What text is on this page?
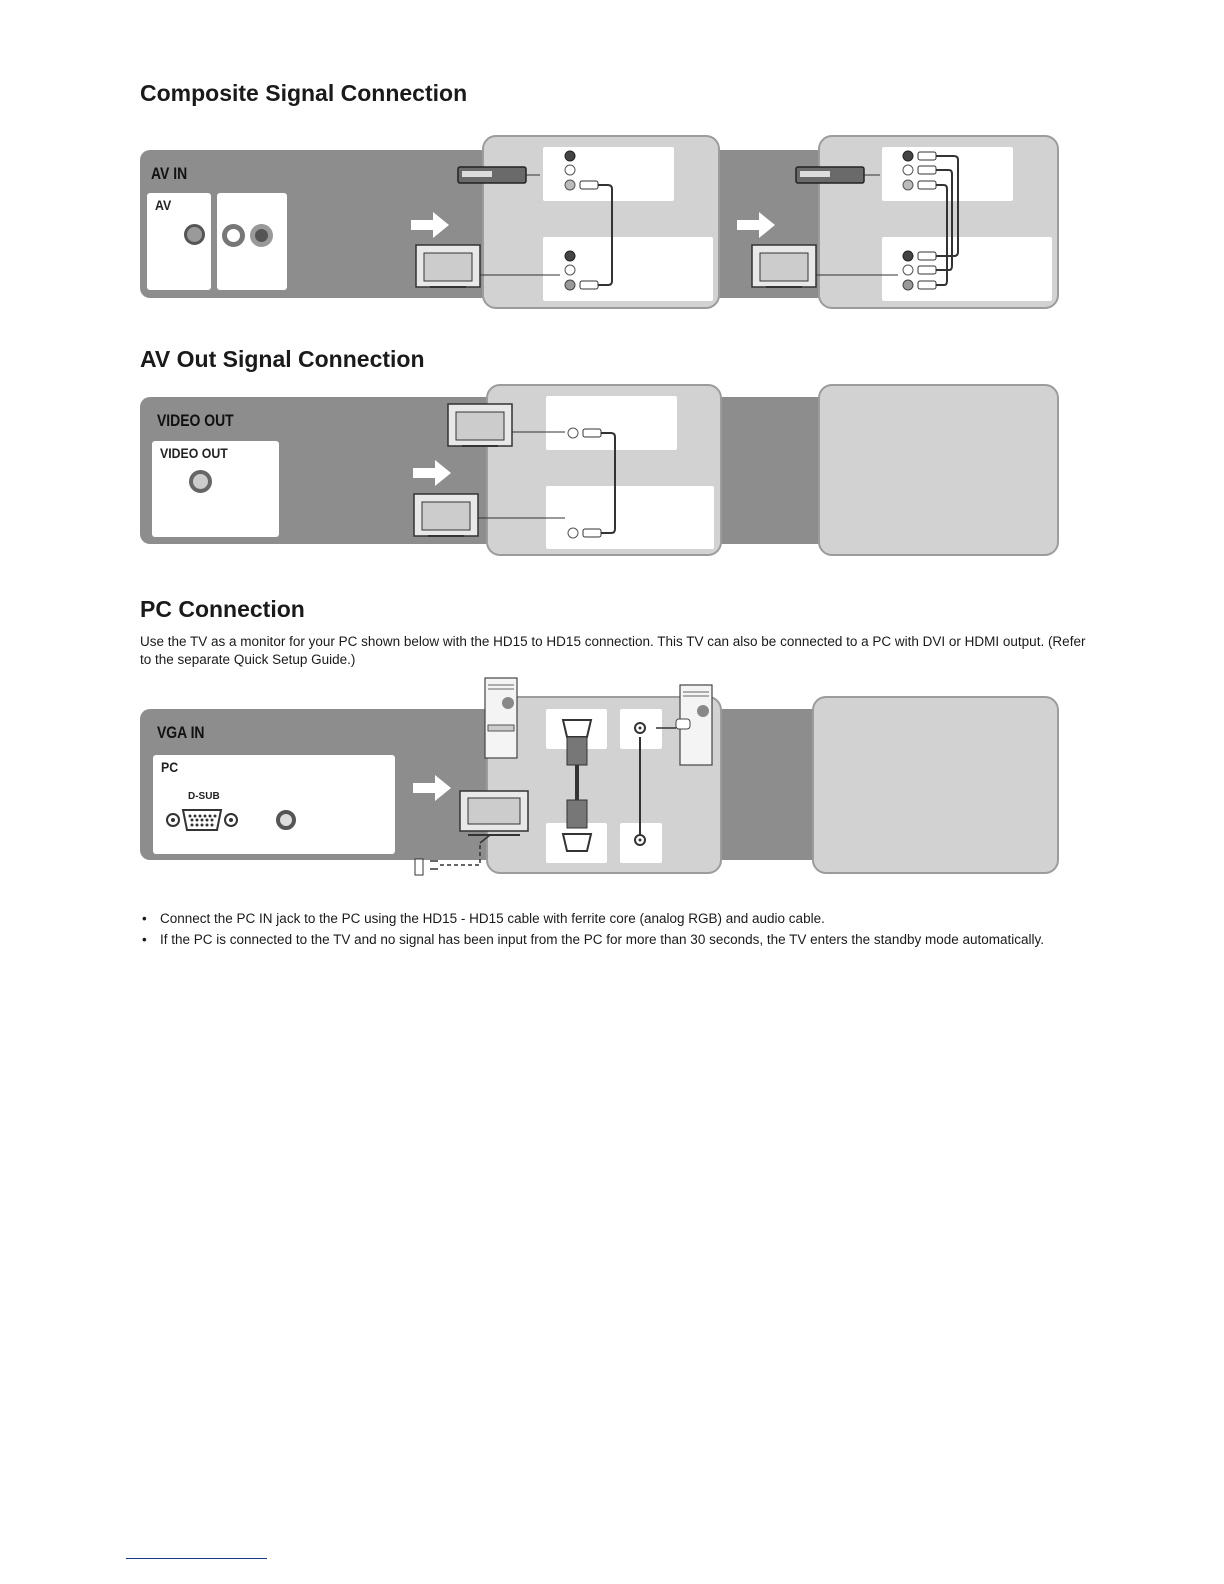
Composite Signal Connection
AV IN
AV
AV Out Signal Connection
VIDEO OUT
VIDEO OUT
PC Connection

Use the TV as a monitor for your PC shown below with the HD15 to HD15 connection. This TV can also be connected to a PC with DVI or HDMI output. (Refer to the separate Quick Setup Guide.)

VGA IN
PC
D-SUB
• Connect the PC IN jack to the PC using the HD15 - HD15 cable with ferrite core (analog RGB) and audio cable.
• If the PC is connected to the TV and no signal has been input from the PC for more than 30 seconds, the TV enters the standby mode automatically.
